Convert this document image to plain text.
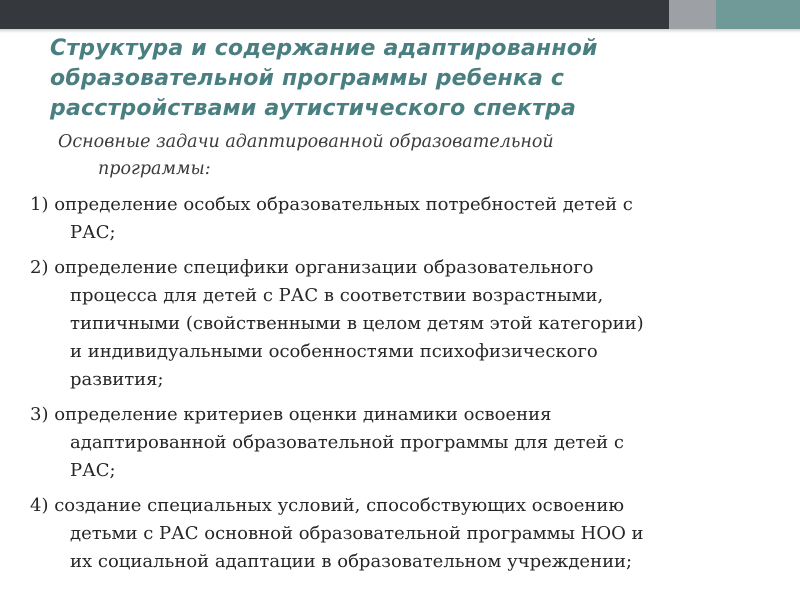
Структура и содержание адаптированной
образовательной программы ребенка с
расстройствами аутистического спектра

Основные задачи адаптированной образовательной
программы:

1) определение особых образовательных потребностей детей с
РАС;
2) определение специфики организации образовательного
процесса для детей с РАС в соответствии возрастными,
типичными (свойственными в целом детям этой категории)
и индивидуальными особенностями психофизического
развития;
3) определение критериев оценки динамики освоения
адаптированной образовательной программы для детей с
РАС;
4) создание специальных условий, способствующих освоению
детьми с РАС основной образовательной программы НОО и
их социальной адаптации в образовательном учреждении;
